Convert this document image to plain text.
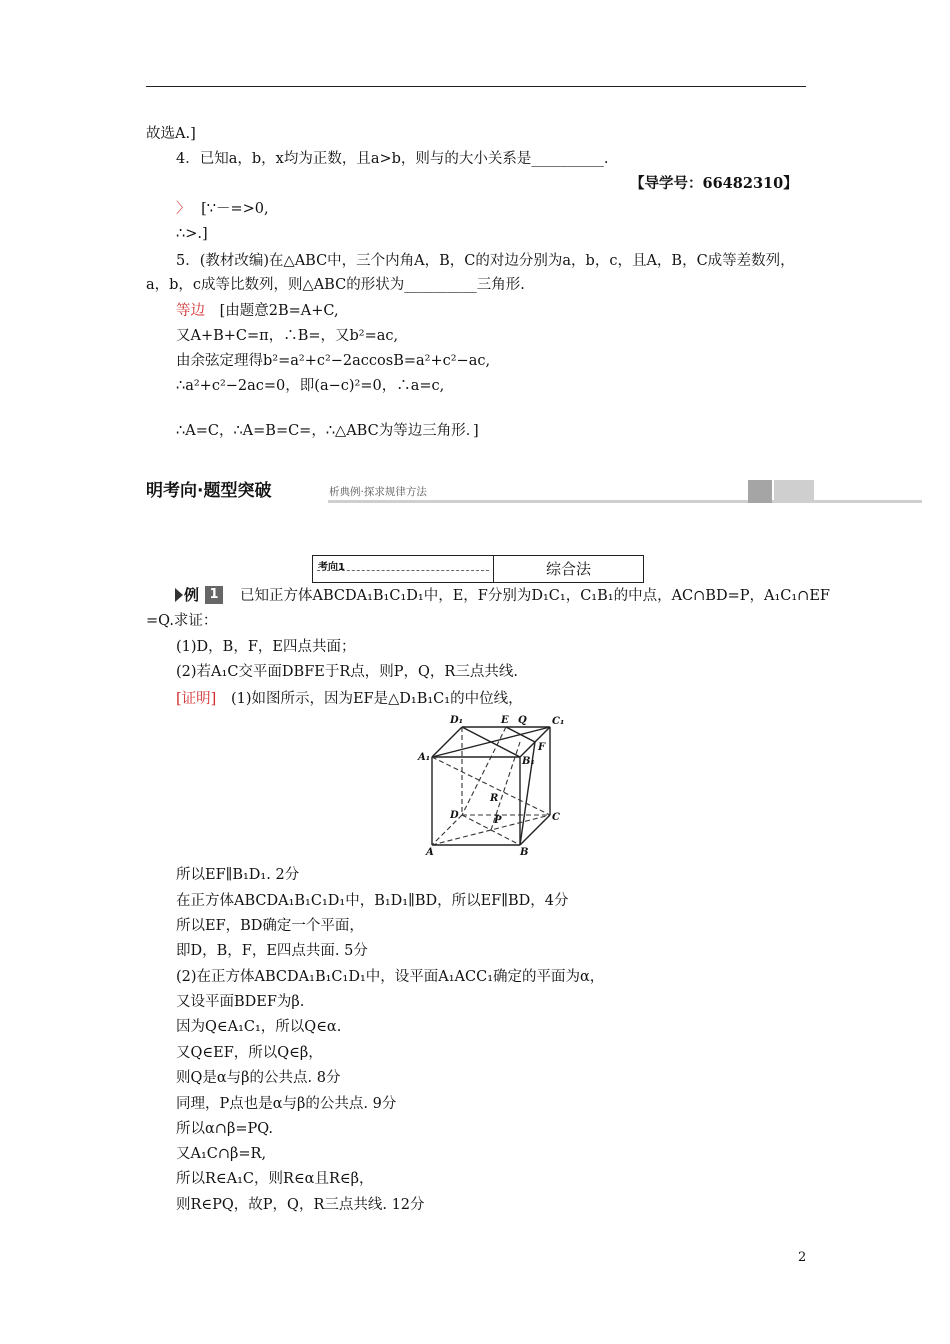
故选A.]
4．已知a，b，x均为正数，且a>b，则与的大小关系是__________.
【导学号：66482310】
〉 [∵－=>0,
∴>.]
5．(教材改编)在△ABC中，三个内角A，B，C的对边分别为a，b，c，且A，B，C成等差数列，
a，b，c成等比数列，则△ABC的形状为__________三角形.
等边 [由题意2B=A+C,
又A+B+C=π，∴B=，又b²=ac,
由余弦定理得b²=a²+c²−2accosB=a²+c²−ac,
∴a²+c²−2ac=0，即(a−c)²=0，∴a=c,
∴A=C，∴A=B=C=，∴△ABC为等边三角形．]
明考向·题型突破	析典例·探求规律方法
考向1	综合法
例 1	已知正方体ABCDA₁B₁C₁D₁中，E，F分别为D₁C₁，C₁B₁的中点，AC∩BD=P，A₁C₁∩EF
=Q.求证：
(1)D，B，F，E四点共面；
(2)若A₁C交平面DBFE于R点，则P，Q，R三点共线.
[证明] (1)如图所示，因为EF是△D₁B₁C₁的中位线，
D₁	E Q	C₁
F
A₁	B₁
R
D	P	C
A	B
所以EF∥B₁D₁. 2分
在正方体ABCDA₁B₁C₁D₁中，B₁D₁∥BD，所以EF∥BD，4分
所以EF，BD确定一个平面，
即D，B，F，E四点共面. 5分
(2)在正方体ABCDA₁B₁C₁D₁中，设平面A₁ACC₁确定的平面为α，
又设平面BDEF为β.
因为Q∈A₁C₁，所以Q∈α.
又Q∈EF，所以Q∈β，
则Q是α与β的公共点. 8分
同理，P点也是α与β的公共点. 9分
所以α∩β=PQ.
又A₁C∩β=R,
所以R∈A₁C，则R∈α且R∈β，
则R∈PQ，故P，Q，R三点共线. 12分
2
